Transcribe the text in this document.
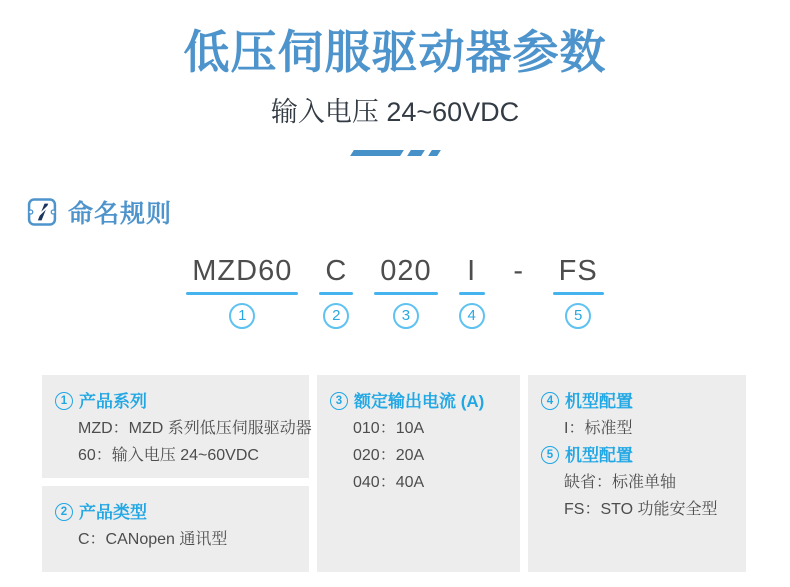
低压伺服驱动器参数
输入电压 24~60VDC
命名规则
MZD60
1
C
2
020
3
I
4
- FS
5
1 产品系列
MZD：MZD 系列低压伺服驱动器
60：输入电压 24~60VDC
2 产品类型
C：CANopen 通讯型
3 额定输出电流 (A)
010：10A
020：20A
040：40A
4 机型配置
I：标准型
5 机型配置
缺省：标准单轴
FS：STO 功能安全型
